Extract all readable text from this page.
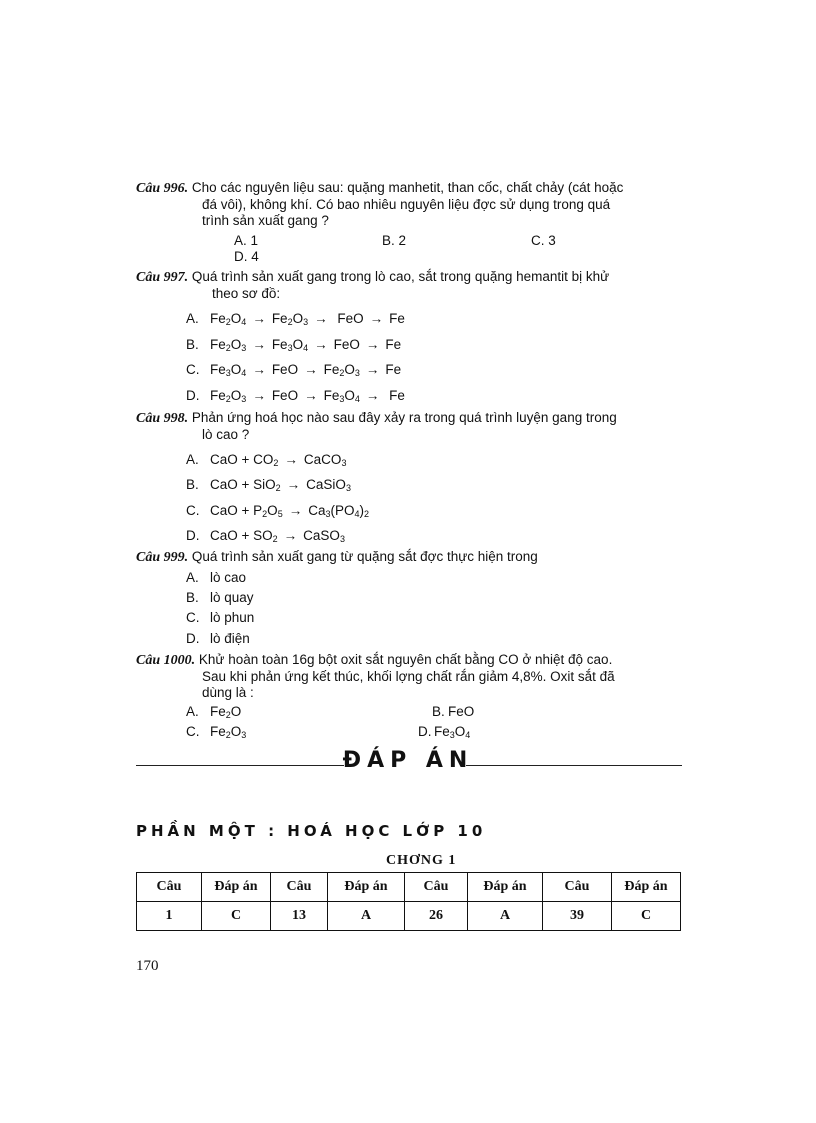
Câu 996. Cho các nguyên liệu sau: quặng manhetit, than cốc, chất chảy (cát hoặc
đá vôi), không khí. Có bao nhiêu nguyên liệu đợc sử dụng trong quá
trình sản xuất gang ?
A. 1	B. 2	C. 3
D. 4
Câu 997. Quá trình sản xuất gang trong lò cao, sắt trong quặng hemantit bị khử
theo sơ đồ:
A. $Fe_2O_4 \to Fe_2O_3$ → FeO → Fe
B. $Fe_2O_3 \to Fe_3O_4$ → FeO → Fe
C. $Fe_3O_4$ → FeO → $Fe_2O_3 \to Fe$
D. $Fe_2O_3$ → FeO → $Fe_3O_4 \to Fe$
Câu 998. Phản ứng hoá học nào sau đây xảy ra trong quá trình luyện gang trong
lò cao ?
A. CaO + $CO_2$ → CaCO$_3$
B. CaO + SiO$_2$ → CaSiO$_3$
C. CaO + $P_2O_5 \to Ca_3(PO_4)_2$
D. CaO + $SO_2$ → CaSO$_3$
Câu 999. Quá trình sản xuất gang từ quặng sắt đợc thực hiện trong
A. lò cao
B. lò quay
C. lò phun
D. lò điện
Câu 1000. Khử hoàn toàn 16g bột oxit sắt nguyên chất bằng CO ở nhiệt độ cao.
Sau khi phản ứng kết thúc, khối lợng chất rắn giảm 4,8%. Oxit sắt đã
dùng là :
A. $Fe_2O$	B. FeO
C. $Fe_2O_3$	D. $Fe_3O_4$
ĐÁP ÁN
PHẦN MỘT : HOÁ HỌC LỚP 10
CHƠNG 1
Câu	Đáp án	Câu	Đáp án	Câu	Đáp án	Câu	Đáp án
1	C	13	A	26	A	39	C
170
